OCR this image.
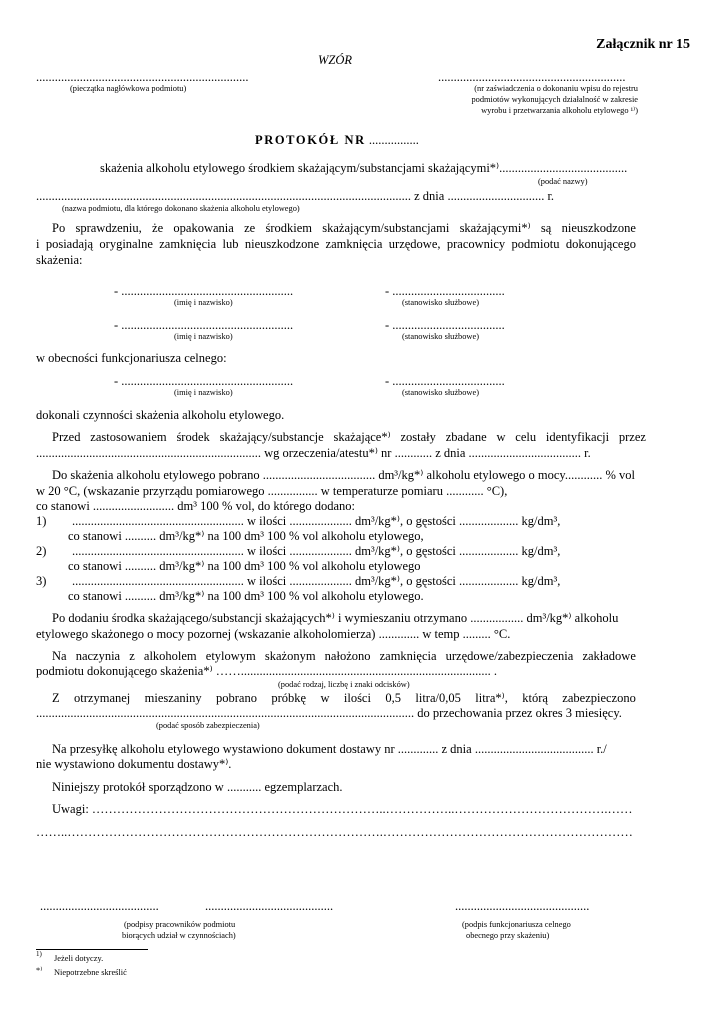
Załącznik nr 15
WZÓR
....................................................................
(pieczątka nagłówkowa podmiotu)
............................................................
(nr zaświadczenia o dokonaniu wpisu do rejestru
podmiotów wykonujących działalność w zakresie
wyrobu i przetwarzania alkoholu etylowego ¹⁾)
PROTOKÓŁ NR ................
skażenia alkoholu etylowego środkiem skażającym/substancjami skażającymi*⁾.........................................
(podać nazwy)
........................................................................................................................ z dnia ............................... r.
(nazwa podmiotu, dla którego dokonano skażenia alkoholu etylowego)
Po sprawdzeniu, że opakowania ze środkiem skażającym/substancjami skażającymi*⁾ są nieuszkodzone
i posiadają oryginalne zamknięcia lub nieuszkodzone zamknięcia urzędowe, pracownicy podmiotu dokonującego
skażenia:
- .......................................................
(imię i nazwisko)
- ....................................
(stanowisko służbowe)
- .......................................................
(imię i nazwisko)
- ....................................
(stanowisko służbowe)
w obecności funkcjonariusza celnego:
- .......................................................
(imię i nazwisko)
- ....................................
(stanowisko służbowe)
dokonali czynności skażenia alkoholu etylowego.
Przed zastosowaniem środek skażający/substancje skażające*⁾ zostały zbadane w celu identyfikacji przez
........................................................................ wg orzeczenia/atestu*⁾ nr ............ z dnia .................................... r.
Do skażenia alkoholu etylowego pobrano .................................... dm³/kg*⁾ alkoholu etylowego o mocy............ % vol
w 20 °C, (wskazanie przyrządu pomiarowego ................ w temperaturze pomiaru ............ °C),
co stanowi .......................... dm³ 100 % vol, do którego dodano:
1) ....................................................... w ilości .................... dm³/kg*⁾, o gęstości ................... kg/dm³,
co stanowi .......... dm³/kg*⁾ na 100 dm³ 100 % vol alkoholu etylowego,
2) ....................................................... w ilości .................... dm³/kg*⁾, o gęstości ................... kg/dm³,
co stanowi .......... dm³/kg*⁾ na 100 dm³ 100 % vol alkoholu etylowego
3) ....................................................... w ilości .................... dm³/kg*⁾, o gęstości ................... kg/dm³,
co stanowi .......... dm³/kg*⁾ na 100 dm³ 100 % vol alkoholu etylowego.
Po dodaniu środka skażającego/substancji skażających*⁾ i wymieszaniu otrzymano ................. dm³/kg*⁾ alkoholu
etylowego skażonego o mocy pozornej (wskazanie alkoholomierza) ............. w temp ......... °C.
Na naczynia z alkoholem etylowym skażonym nałożono zamknięcia urzędowe/zabezpieczenia zakładowe
podmiotu dokonującego skażenia*⁾ ……................................................................................ .
(podać rodzaj, liczbę i znaki odcisków)
Z otrzymanej mieszaniny pobrano próbkę w ilości 0,5 litra/0,05 litra*⁾, którą zabezpieczono
......................................................................................................................... do przechowania przez okres 3 miesięcy.
(podać sposób zabezpieczenia)
Na przesyłkę alkoholu etylowego wystawiono dokument dostawy nr ............. z dnia ...................................... r./
nie wystawiono dokumentu dostawy*⁾.
Niniejszy protokół sporządzono w ........... egzemplarzach.
Uwagi: ……………………………………………………………..……………..……………………………….……
……..………………………………………………………………….……………………………………………………
......................................	.........................................	...........................................
(podpisy pracowników podmiotu
biorących udział w czynnościach)
(podpis funkcjonariusza celnego
obecnego przy skażeniu)
1) Jeżeli dotyczy.
*⁾ Niepotrzebne skreślić
